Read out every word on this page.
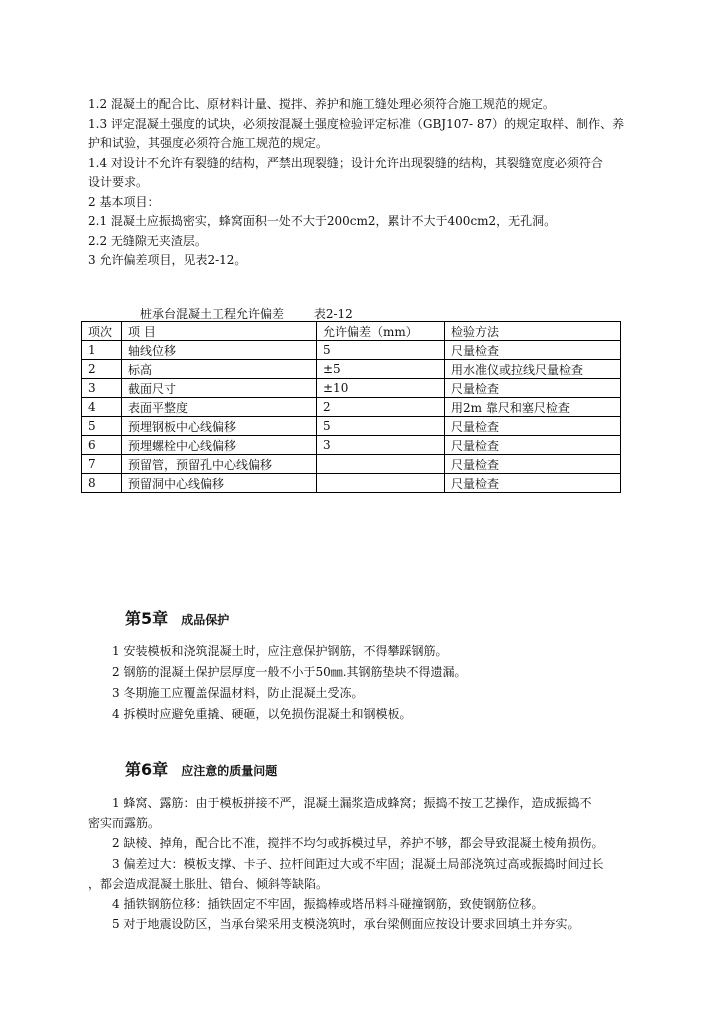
1.2 混凝土的配合比、原材料计量、搅拌、养护和施工缝处理必须符合施工规范的规定。
1.3 评定混凝土强度的试块，必须按混凝土强度检验评定标准（GBJ107- 87）的规定取样、制作、养
护和试验，其强度必须符合施工规范的规定。
1.4 对设计不允许有裂缝的结构，严禁出现裂缝；设计允许出现裂缝的结构，其裂缝宽度必须符合
设计要求。
2 基本项目：
2.1 混凝土应振捣密实，蜂窝面积一处不大于200cm2，累计不大于400cm2，无孔洞。
2.2 无缝隙无夹渣层。
3 允许偏差项目，见表2-12。
桩承台混凝土工程允许偏差 表2-12
项次	项 目	允许偏差（mm）	检验方法
1	轴线位移	5	尺量检查
2	标高	±5	用水准仪或拉线尺量检查
3	截面尺寸	±10	尺量检查
4	表面平整度	2	用2m 靠尺和塞尺检查
5	预埋钢板中心线偏移	5	尺量检查
6	预埋螺栓中心线偏移	3	尺量检查
7	预留管，预留孔中心线偏移		尺量检查
8	预留洞中心线偏移		尺量检查
第5章 成品保护
1 安装模板和浇筑混凝土时，应注意保护钢筋，不得攀踩钢筋。
2 钢筋的混凝土保护层厚度一般不小于50㎜.其钢筋垫块不得遗漏。
3 冬期施工应覆盖保温材料，防止混凝土受冻。
4 拆模时应避免重撬、硬砸，以免损伤混凝土和钢模板。
第6章 应注意的质量问题
1 蜂窝、露筋：由于模板拼接不严，混凝土漏浆造成蜂窝；振捣不按工艺操作，造成振捣不
密实而露筋。
2 缺棱、掉角，配合比不准，搅拌不均匀或拆模过早，养护不够，都会导致混凝土棱角损伤。
3 偏差过大：模板支撑、卡子、拉杆间距过大或不牢固；混凝土局部浇筑过高或振捣时间过长
，都会造成混凝土胀肚、错台、倾斜等缺陷。
4 插铁钢筋位移：插铁固定不牢固，振捣棒或塔吊料斗碰撞钢筋，致使钢筋位移。
5 对于地震设防区，当承台梁采用支模浇筑时，承台梁侧面应按设计要求回填土并夯实。
